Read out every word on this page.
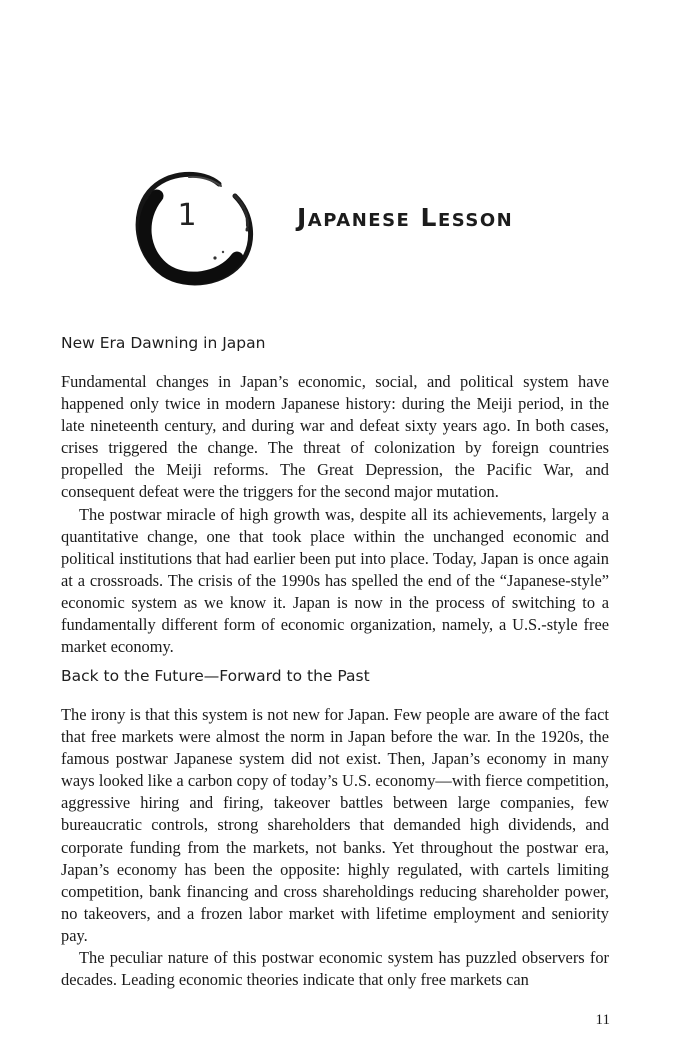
1	Japanese Lesson
New Era Dawning in Japan

Fundamental changes in Japan’s economic, social, and political system have happened only twice in modern Japanese history: during the Meiji period, in the late nineteenth century, and during war and defeat sixty years ago. In both cases, crises triggered the change. The threat of colonization by foreign countries propelled the Meiji reforms. The Great Depression, the Pacific War, and consequent defeat were the triggers for the second major mutation.

The postwar miracle of high growth was, despite all its achievements, largely a quantitative change, one that took place within the unchanged economic and political institutions that had earlier been put into place. Today, Japan is once again at a crossroads. The crisis of the 1990s has spelled the end of the “Japanese-style” economic system as we know it. Japan is now in the process of switching to a fundamentally different form of economic organization, namely, a U.S.-style free market economy.

Back to the Future—Forward to the Past

The irony is that this system is not new for Japan. Few people are aware of the fact that free markets were almost the norm in Japan before the war. In the 1920s, the famous postwar Japanese system did not exist. Then, Japan’s economy in many ways looked like a carbon copy of today’s U.S. economy—with fierce competition, aggressive hiring and firing, takeover battles between large companies, few bureaucratic controls, strong shareholders that demanded high dividends, and corporate funding from the markets, not banks. Yet throughout the postwar era, Japan’s economy has been the opposite: highly regulated, with cartels limiting competition, bank financing and cross shareholdings reducing shareholder power, no takeovers, and a frozen labor market with lifetime employment and seniority pay.

The peculiar nature of this postwar economic system has puzzled observers for decades. Leading economic theories indicate that only free markets can

11
